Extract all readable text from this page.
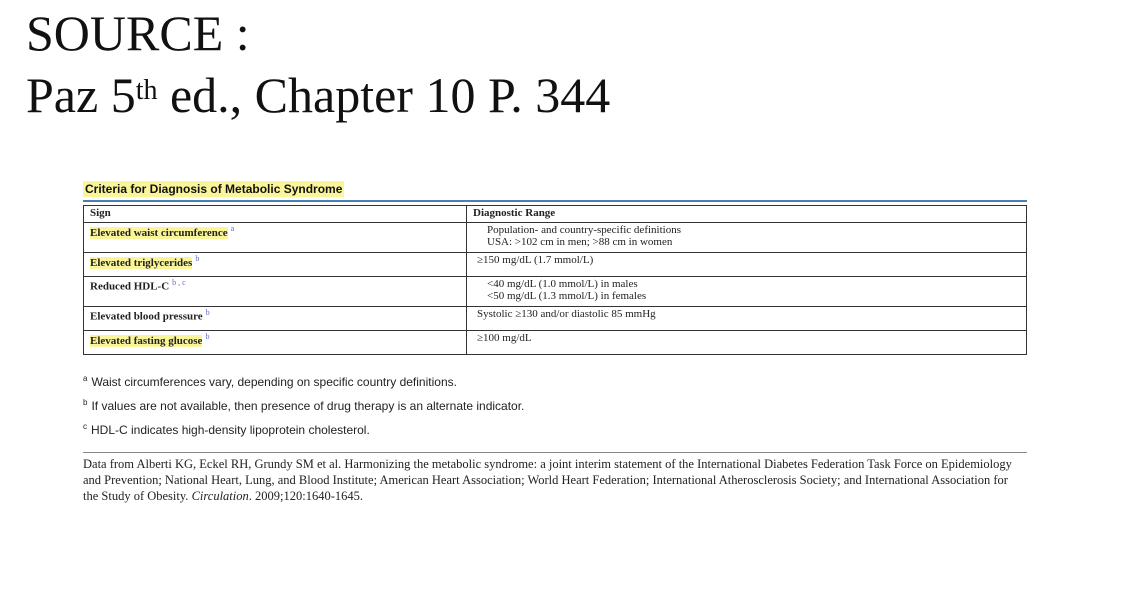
SOURCE :
Paz 5th ed., Chapter 10 P. 344
Criteria for Diagnosis of Metabolic Syndrome
Sign	Diagnostic Range
Elevated waist circumference $^a$	Population- and country-specific definitions
USA: >102 cm in men; >88 cm in women

Elevated triglycerides $^b$	≥150 mg/dL (1.7 mmol/L)

Reduced HDL-C $^{b , c}$	<40 mg/dL (1.0 mmol/L) in males
<50 mg/dL (1.3 mmol/L) in females

Elevated blood pressure $^b$	Systolic ≥130 and/or diastolic 85 mmHg

Elevated fasting glucose $^b$	≥100 mg/dL
$^a$ Waist circumferences vary, depending on specific country definitions.
$^b$ If values are not available, then presence of drug therapy is an alternate indicator.
$^c$ HDL-C indicates high-density lipoprotein cholesterol.
Data from Alberti KG, Eckel RH, Grundy SM et al. Harmonizing the metabolic syndrome: a joint interim statement of the International Diabetes Federation Task Force on Epidemiology and Prevention; National Heart, Lung, and Blood Institute; American Heart Association; World Heart Federation; International Atherosclerosis Society; and International Association for the Study of Obesity. Circulation. 2009;120:1640-1645.
